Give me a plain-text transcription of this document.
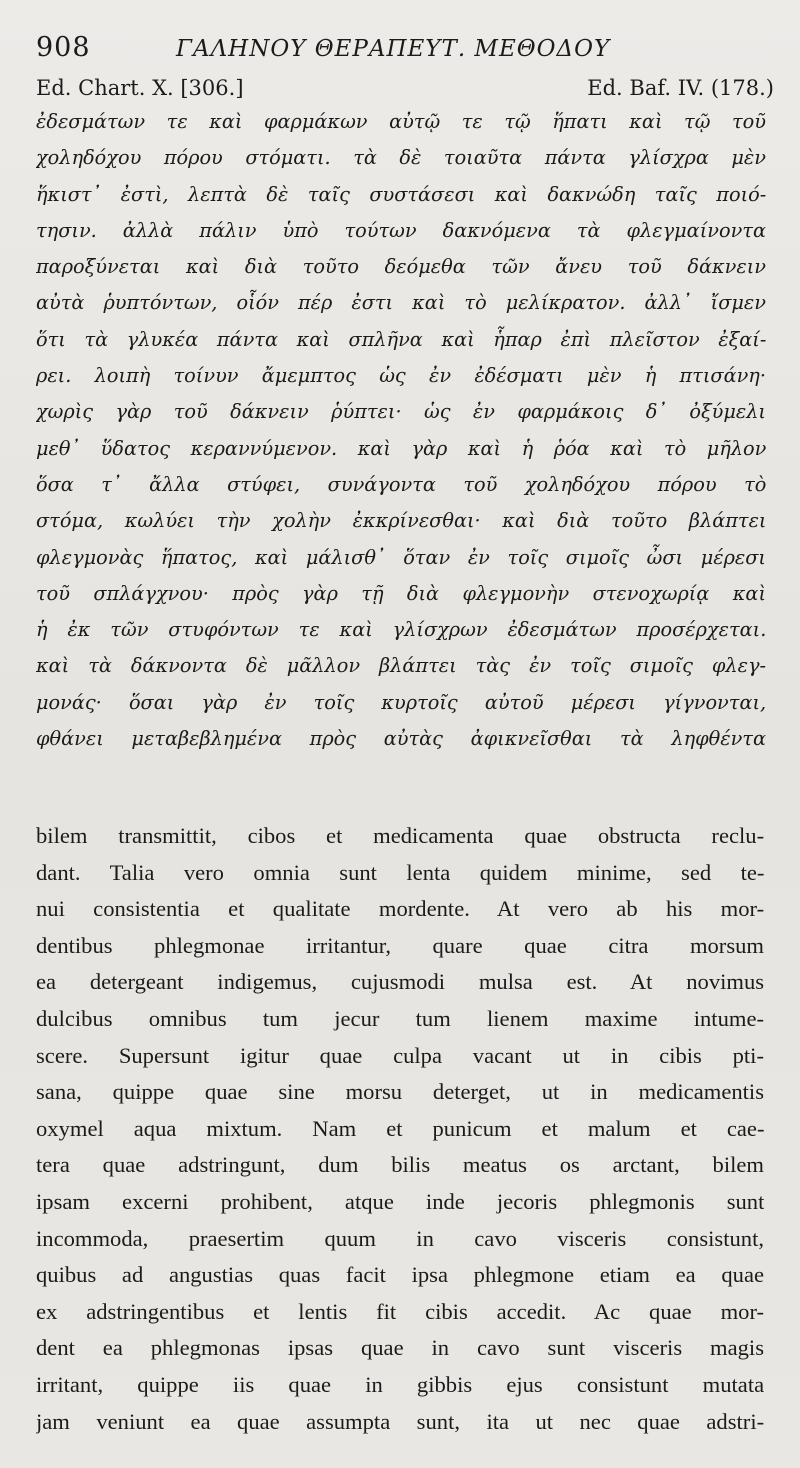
908	ΓΑΛΗΝΟΥ ΘΕΡΑΠΕΥΤ. ΜΕΘΟΔΟΥ
Ed. Chart. X. [306.]	Ed. Baf. IV. (178.)
ἐδεσμάτων τε καὶ φαρμάκων αὐτῷ τε τῷ ἥπατι καὶ τῷ τοῦ
χοληδόχου πόρου στόματι. τὰ δὲ τοιαῦτα πάντα γλίσχρα μὲν
ἥκιστ᾽ ἐστὶ, λεπτὰ δὲ ταῖς συστάσεσι καὶ δακνώδη ταῖς ποιό-
τησιν. ἀλλὰ πάλιν ὑπὸ τούτων δακνόμενα τὰ φλεγμαίνοντα
παροξύνεται καὶ διὰ τοῦτο δεόμεθα τῶν ἄνευ τοῦ δάκνειν
αὐτὰ ῥυπτόντων, οἷόν πέρ ἐστι καὶ τὸ μελίκρατον. ἀλλ᾽ ἴσμεν
ὅτι τὰ γλυκέα πάντα καὶ σπλῆνα καὶ ἧπαρ ἐπὶ πλεῖστον ἐξαί-
ρει. λοιπὴ τοίνυν ἄμεμπτος ὡς ἐν ἐδέσματι μὲν ἡ πτισάνη·
χωρὶς γὰρ τοῦ δάκνειν ῥύπτει· ὡς ἐν φαρμάκοις δ᾽ ὀξύμελι
μεθ᾽ ὕδατος κεραννύμενον. καὶ γὰρ καὶ ἡ ῥόα καὶ τὸ μῆλον
ὅσα τ᾽ ἄλλα στύφει, συνάγοντα τοῦ χοληδόχου πόρου τὸ
στόμα, κωλύει τὴν χολὴν ἐκκρίνεσθαι· καὶ διὰ τοῦτο βλάπτει
φλεγμονὰς ἥπατος, καὶ μάλισθ᾽ ὅταν ἐν τοῖς σιμοῖς ὦσι μέρεσι
τοῦ σπλάγχνου· πρὸς γὰρ τῇ διὰ φλεγμονὴν στενοχωρίᾳ καὶ
ἡ ἐκ τῶν στυφόντων τε καὶ γλίσχρων ἐδεσμάτων προσέρχεται.
καὶ τὰ δάκνοντα δὲ μᾶλλον βλάπτει τὰς ἐν τοῖς σιμοῖς φλεγ-
μονάς· ὅσαι γὰρ ἐν τοῖς κυρτοῖς αὐτοῦ μέρεσι γίγνονται,
φθάνει μεταβεβλημένα πρὸς αὐτὰς ἀφικνεῖσθαι τὰ ληφθέντα
bilem transmittit, cibos et medicamenta quae obstructa reclu-
dant. Talia vero omnia sunt lenta quidem minime, sed te-
nui consistentia et qualitate mordente. At vero ab his mor-
dentibus phlegmonae irritantur, quare quae citra morsum
ea detergeant indigemus, cujusmodi mulsa est. At novimus
dulcibus omnibus tum jecur tum lienem maxime intume-
scere. Supersunt igitur quae culpa vacant ut in cibis pti-
sana, quippe quae sine morsu deterget, ut in medicamentis
oxymel aqua mixtum. Nam et punicum et malum et cae-
tera quae adstringunt, dum bilis meatus os arctant, bilem
ipsam excerni prohibent, atque inde jecoris phlegmonis sunt
incommoda, praesertim quum in cavo visceris consistunt,
quibus ad angustias quas facit ipsa phlegmone etiam ea quae
ex adstringentibus et lentis fit cibis accedit. Ac quae mor-
dent ea phlegmonas ipsas quae in cavo sunt visceris magis
irritant, quippe iis quae in gibbis ejus consistunt mutata
jam veniunt ea quae assumpta sunt, ita ut nec quae adstri-
